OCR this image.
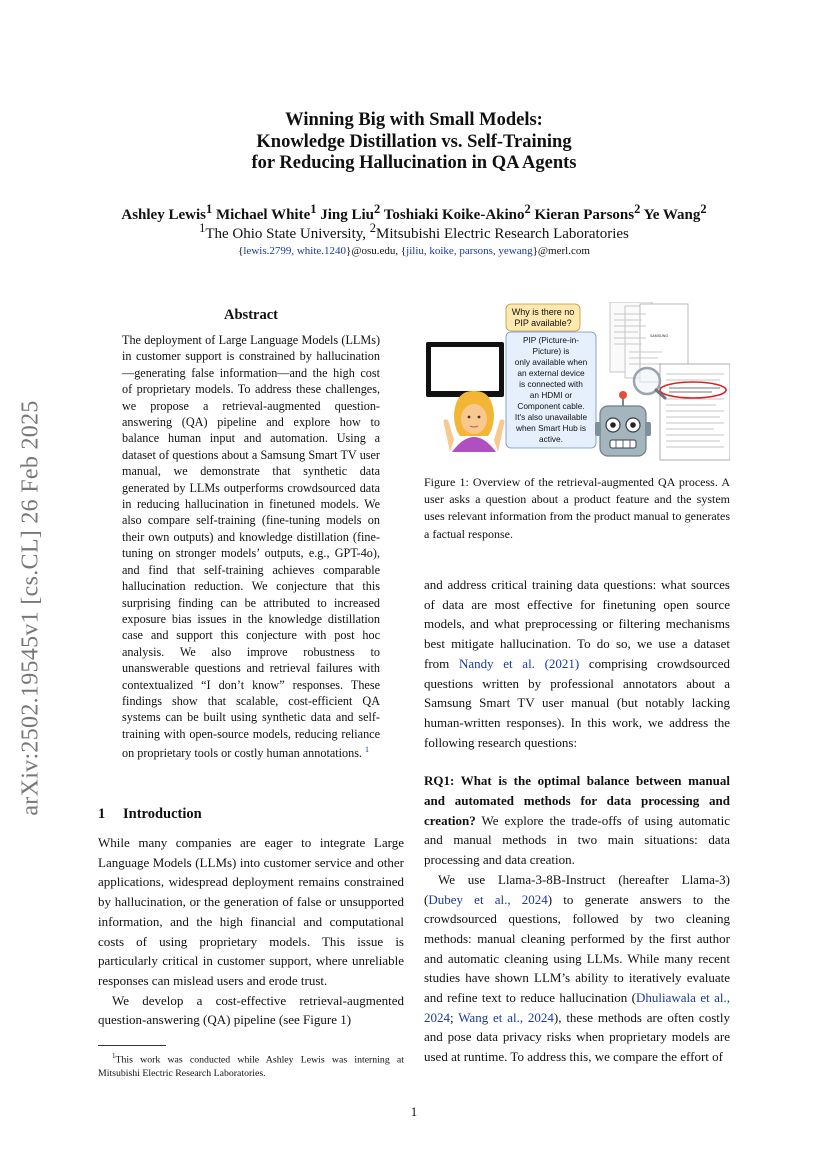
arXiv:2502.19545v1 [cs.CL] 26 Feb 2025
Winning Big with Small Models:
Knowledge Distillation vs. Self-Training
for Reducing Hallucination in QA Agents
Ashley Lewis$^1$ Michael White$^1$ Jing Liu$^2$ Toshiaki Koike-Akino$^2$ Kieran Parsons$^2$ Ye Wang$^2$
$^1$The Ohio State University, $^2$Mitsubishi Electric Research Laboratories
{lewis.2799, white.1240}@osu.edu, {jiliu, koike, parsons, yewang}@merl.com
Abstract
The deployment of Large Language Models (LLMs) in customer support is constrained by hallucination—generating false information—and the high cost of proprietary models. To address these challenges, we propose a retrieval-augmented question-answering (QA) pipeline and explore how to balance human input and automation. Using a dataset of questions about a Samsung Smart TV user manual, we demonstrate that synthetic data generated by LLMs outperforms crowdsourced data in reducing hallucination in finetuned models. We also compare self-training (fine-tuning models on their own outputs) and knowledge distillation (fine-tuning on stronger models’ outputs, e.g., GPT-4o), and find that self-training achieves comparable hallucination reduction. We conjecture that this surprising finding can be attributed to increased exposure bias issues in the knowledge distillation case and support this conjecture with post hoc analysis. We also improve robustness to unanswerable questions and retrieval failures with contextualized “I don’t know” responses. These findings show that scalable, cost-efficient QA systems can be built using synthetic data and self-training with open-source models, reducing reliance on proprietary tools or costly human annotations. $^1$
1 Introduction

While many companies are eager to integrate Large Language Models (LLMs) into customer service and other applications, widespread deployment remains constrained by hallucination, or the generation of false or unsupported information, and the high financial and computational costs of using proprietary models. This issue is particularly critical in customer support, where unreliable responses can mislead users and erode trust.

We develop a cost-effective retrieval-augmented question-answering (QA) pipeline (see Figure 1)

$^1$This work was conducted while Ashley Lewis was interning at Mitsubishi Electric Research Laboratories.
1
SAMSUNG
Why is there no
PIP available?
PIP (Picture-in-
Picture) is
only available when
an external device
is connected with
an HDMI or
Component cable.
It's also unavailable
when Smart Hub is
active.
Figure 1: Overview of the retrieval-augmented QA process. A user asks a question about a product feature and the system uses relevant information from the product manual to generates a factual response.

and address critical training data questions: what sources of data are most effective for finetuning open source models, and what preprocessing or filtering mechanisms best mitigate hallucination. To do so, we use a dataset from Nandy et al. (2021) comprising crowdsourced questions written by professional annotators about a Samsung Smart TV user manual (but notably lacking human-written responses). In this work, we address the following research questions:

RQ1: What is the optimal balance between manual and automated methods for data processing and creation? We explore the trade-offs of using automatic and manual methods in two main situations: data processing and data creation.

We use Llama-3-8B-Instruct (hereafter Llama-3) (Dubey et al., 2024) to generate answers to the crowdsourced questions, followed by two cleaning methods: manual cleaning performed by the first author and automatic cleaning using LLMs. While many recent studies have shown LLM’s ability to iteratively evaluate and refine text to reduce hallucination (Dhuliawala et al., 2024; Wang et al., 2024), these methods are often costly and pose data privacy risks when proprietary models are used at runtime. To address this, we compare the effort of
